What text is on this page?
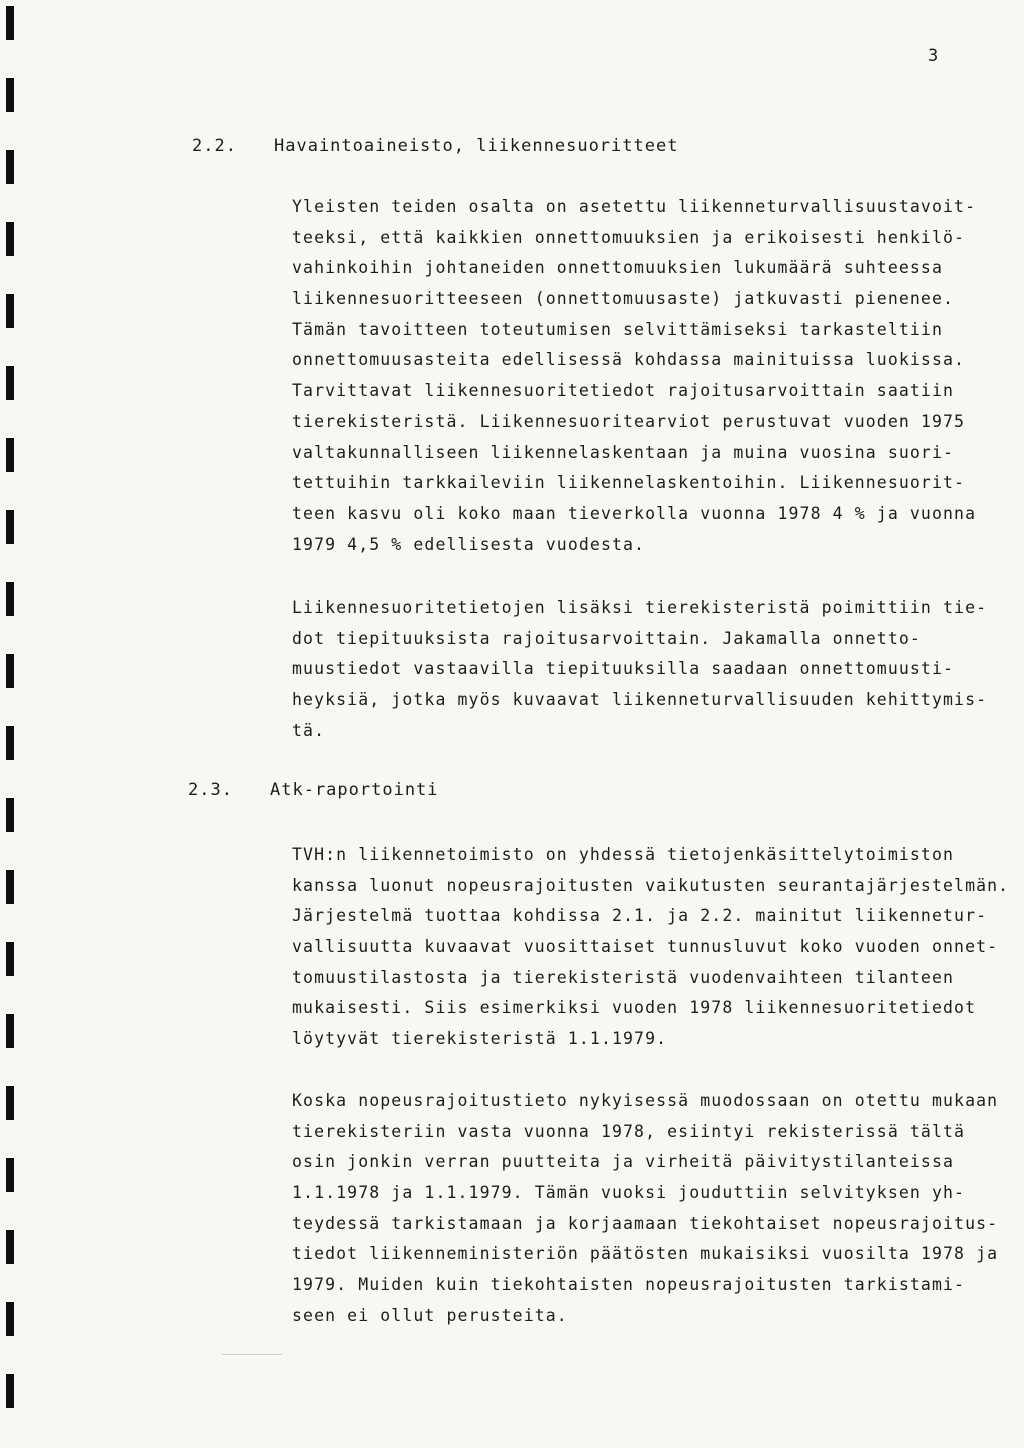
3

2.2.

Havaintoaineisto, liikennesuoritteet

Yleisten teiden osalta on asetettu liikenneturvallisuustavoit-
teeksi, että kaikkien onnettomuuksien ja erikoisesti henkilö-
vahinkoihin johtaneiden onnettomuuksien lukumäärä suhteessa
liikennesuoritteeseen (onnettomuusaste) jatkuvasti pienenee.
Tämän tavoitteen toteutumisen selvittämiseksi tarkasteltiin
onnettomuusasteita edellisessä kohdassa mainituissa luokissa.
Tarvittavat liikennesuoritetiedot rajoitusarvoittain saatiin
tierekisteristä. Liikennesuoritearviot perustuvat vuoden 1975
valtakunnalliseen liikennelaskentaan ja muina vuosina suori-
tettuihin tarkkaileviin liikennelaskentoihin. Liikennesuorit-
teen kasvu oli koko maan tieverkolla vuonna 1978 4 % ja vuonna
1979 4,5 % edellisesta vuodesta.
Liikennesuoritetietojen lisäksi tierekisteristä poimittiin tie-
dot tiepituuksista rajoitusarvoittain. Jakamalla onnetto-
muustiedot vastaavilla tiepituuksilla saadaan onnettomuusti-
heyksiä, jotka myös kuvaavat liikenneturvallisuuden kehittymis-
tä.

2.3.

Atk-raportointi

TVH:n liikennetoimisto on yhdessä tietojenkäsittelytoimiston
kanssa luonut nopeusrajoitusten vaikutusten seurantajärjestelmän.
Järjestelmä tuottaa kohdissa 2.1. ja 2.2. mainitut liikennetur-
vallisuutta kuvaavat vuosittaiset tunnusluvut koko vuoden onnet-
tomuustilastosta ja tierekisteristä vuodenvaihteen tilanteen
mukaisesti. Siis esimerkiksi vuoden 1978 liikennesuoritetiedot
löytyvät tierekisteristä 1.1.1979.
Koska nopeusrajoitustieto nykyisessä muodossaan on otettu mukaan
tierekisteriin vasta vuonna 1978, esiintyi rekisterissä tältä
osin jonkin verran puutteita ja virheitä päivitystilanteissa
1.1.1978 ja 1.1.1979. Tämän vuoksi jouduttiin selvityksen yh-
teydessä tarkistamaan ja korjaamaan tiekohtaiset nopeusrajoitus-
tiedot liikenneministeriön päätösten mukaisiksi vuosilta 1978 ja
1979. Muiden kuin tiekohtaisten nopeusrajoitusten tarkistami-
seen ei ollut perusteita.
